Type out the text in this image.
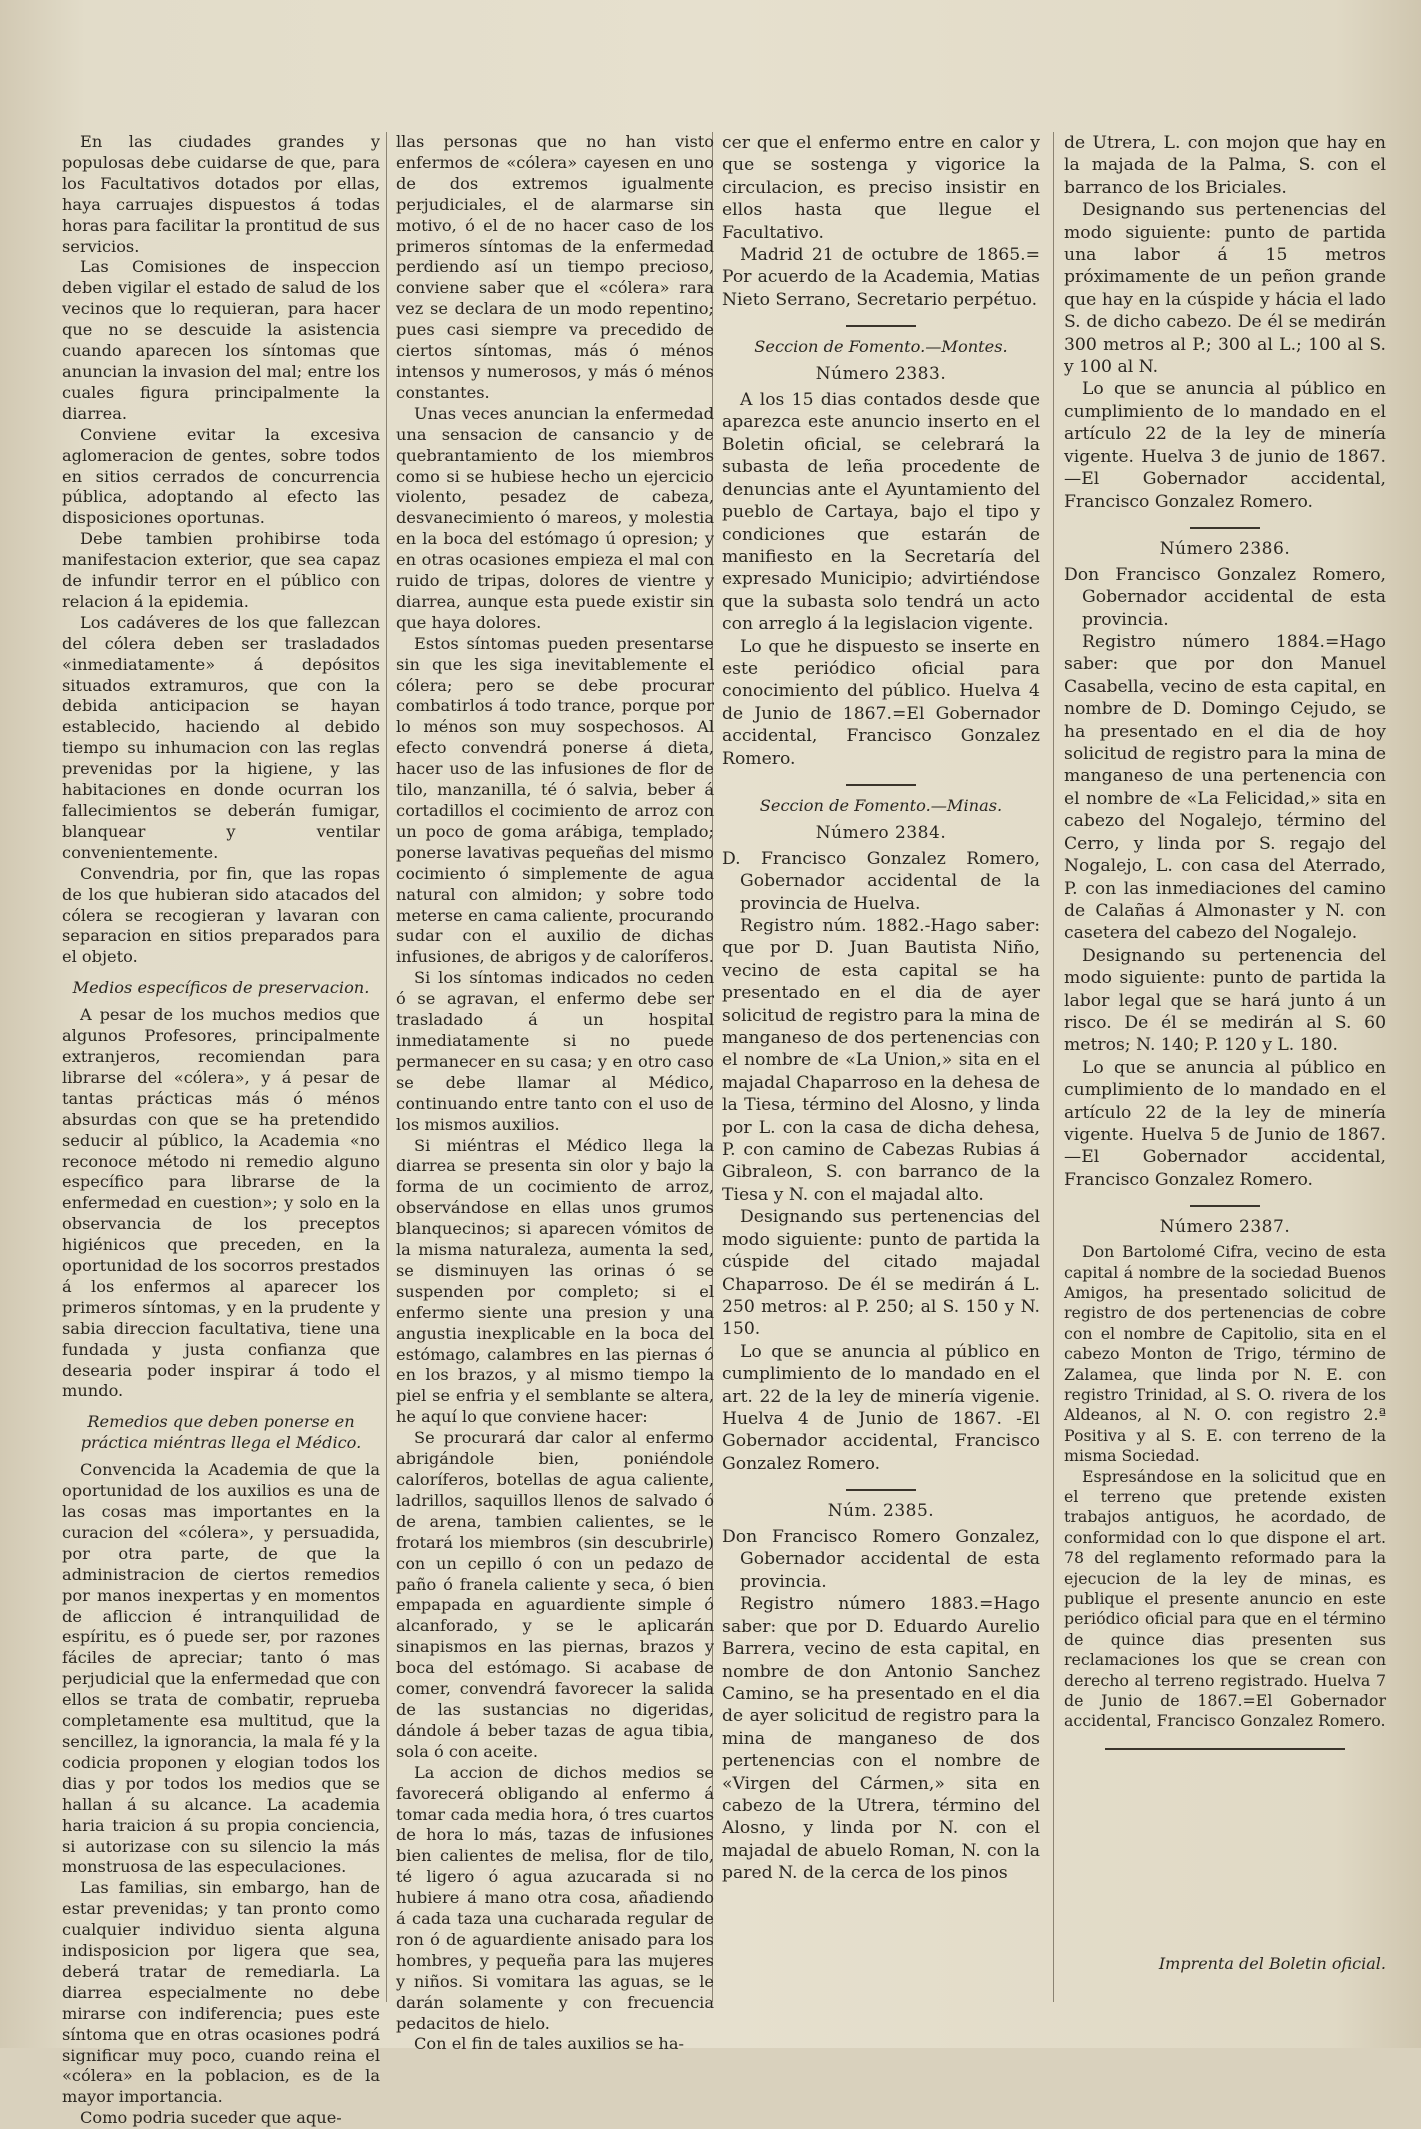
En las ciudades grandes y populosas debe cuidarse de que, para los Facultativos dotados por ellas, haya carruajes dispuestos á todas horas para facilitar la prontitud de sus servicios.

Las Comisiones de inspeccion deben vigilar el estado de salud de los vecinos que lo requieran, para hacer que no se descuide la asistencia cuando aparecen los síntomas que anuncian la invasion del mal; entre los cuales figura principalmente la diarrea.

Conviene evitar la excesiva aglomeracion de gentes, sobre todos en sitios cerrados de concurrencia pública, adoptando al efecto las disposiciones oportunas.

Debe tambien prohibirse toda manifestacion exterior, que sea capaz de infundir terror en el público con relacion á la epidemia.

Los cadáveres de los que fallezcan del cólera deben ser trasladados «inmediatamente» á depósitos situados extramuros, que con la debida anticipacion se hayan establecido, haciendo al debido tiempo su inhumacion con las reglas prevenidas por la higiene, y las habitaciones en donde ocurran los fallecimientos se deberán fumigar, blanquear y ventilar convenientemente.

Convendria, por fin, que las ropas de los que hubieran sido atacados del cólera se recogieran y lavaran con separacion en sitios preparados para el objeto.

Medios específicos de preservacion.

A pesar de los muchos medios que algunos Profesores, principalmente extranjeros, recomiendan para librarse del «cólera», y á pesar de tantas prácticas más ó ménos absurdas con que se ha pretendido seducir al público, la Academia «no reconoce método ni remedio alguno específico para librarse de la enfermedad en cuestion»; y solo en la observancia de los preceptos higiénicos que preceden, en la oportunidad de los socorros prestados á los enfermos al aparecer los primeros síntomas, y en la prudente y sabia direccion facultativa, tiene una fundada y justa confianza que desearia poder inspirar á todo el mundo.

Remedios que deben ponerse en práctica miéntras llega el Médico.

Convencida la Academia de que la oportunidad de los auxilios es una de las cosas mas importantes en la curacion del «cólera», y persuadida, por otra parte, de que la administracion de ciertos remedios por manos inexpertas y en momentos de afliccion é intranquilidad de espíritu, es ó puede ser, por razones fáciles de apreciar; tanto ó mas perjudicial que la enfermedad que con ellos se trata de combatir, reprueba completamente esa multitud, que la sencillez, la ignorancia, la mala fé y la codicia proponen y elogian todos los dias y por todos los medios que se hallan á su alcance. La academia haria traicion á su propia conciencia, si autorizase con su silencio la más monstruosa de las especulaciones.

Las familias, sin embargo, han de estar prevenidas; y tan pronto como cualquier individuo sienta alguna indisposicion por ligera que sea, deberá tratar de remediarla. La diarrea especialmente no debe mirarse con indiferencia; pues este síntoma que en otras ocasiones podrá significar muy poco, cuando reina el «cólera» en la poblacion, es de la mayor importancia.

Como podria suceder que aque-

llas personas que no han visto enfermos de «cólera» cayesen en uno de dos extremos igualmente perjudiciales, el de alarmarse sin motivo, ó el de no hacer caso de los primeros síntomas de la enfermedad perdiendo así un tiempo precioso, conviene saber que el «cólera» rara vez se declara de un modo repentino; pues casi siempre va precedido de ciertos síntomas, más ó ménos intensos y numerosos, y más ó ménos constantes.

Unas veces anuncian la enfermedad una sensacion de cansancio y de quebrantamiento de los miembros como si se hubiese hecho un ejercicio violento, pesadez de cabeza, desvanecimiento ó mareos, y molestia en la boca del estómago ú opresion; y en otras ocasiones empieza el mal con ruido de tripas, dolores de vientre y diarrea, aunque esta puede existir sin que haya dolores.

Estos síntomas pueden presentarse sin que les siga inevitablemente el cólera; pero se debe procurar combatirlos á todo trance, porque por lo ménos son muy sospechosos. Al efecto convendrá ponerse á dieta, hacer uso de las infusiones de flor de tilo, manzanilla, té ó salvia, beber á cortadillos el cocimiento de arroz con un poco de goma arábiga, templado; ponerse lavativas pequeñas del mismo cocimiento ó simplemente de agua natural con almidon; y sobre todo meterse en cama caliente, procurando sudar con el auxilio de dichas infusiones, de abrigos y de caloríferos.

Si los síntomas indicados no ceden ó se agravan, el enfermo debe ser trasladado á un hospital inmediatamente si no puede permanecer en su casa; y en otro caso se debe llamar al Médico, continuando entre tanto con el uso de los mismos auxilios.

Si miéntras el Médico llega la diarrea se presenta sin olor y bajo la forma de un cocimiento de arroz, observándose en ellas unos grumos blanquecinos; si aparecen vómitos de la misma naturaleza, aumenta la sed, se disminuyen las orinas ó se suspenden por completo; si el enfermo siente una presion y una angustia inexplicable en la boca del estómago, calambres en las piernas ó en los brazos, y al mismo tiempo la piel se enfria y el semblante se altera, he aquí lo que conviene hacer:

Se procurará dar calor al enfermo abrigándole bien, poniéndole caloríferos, botellas de agua caliente, ladrillos, saquillos llenos de salvado ó de arena, tambien calientes, se le frotará los miembros (sin descubrirle) con un cepillo ó con un pedazo de paño ó franela caliente y seca, ó bien empapada en aguardiente simple ó alcanforado, y se le aplicarán sinapismos en las piernas, brazos y boca del estómago. Si acabase de comer, convendrá favorecer la salida de las sustancias no digeridas, dándole á beber tazas de agua tibia, sola ó con aceite.

La accion de dichos medios se favorecerá obligando al enfermo á tomar cada media hora, ó tres cuartos de hora lo más, tazas de infusiones bien calientes de melisa, flor de tilo, té ligero ó agua azucarada si no hubiere á mano otra cosa, añadiendo á cada taza una cucharada regular de ron ó de aguardiente anisado para los hombres, y pequeña para las mujeres y niños. Si vomitara las aguas, se le darán solamente y con frecuencia pedacitos de hielo.

Con el fin de tales auxilios se ha-

cer que el enfermo entre en calor y que se sostenga y vigorice la circulacion, es preciso insistir en ellos hasta que llegue el Facultativo.

Madrid 21 de octubre de 1865.= Por acuerdo de la Academia, Matias Nieto Serrano, Secretario perpétuo.

Seccion de Fomento.—Montes.
Número 2383.

A los 15 dias contados desde que aparezca este anuncio inserto en el Boletin oficial, se celebrará la subasta de leña procedente de denuncias ante el Ayuntamiento del pueblo de Cartaya, bajo el tipo y condiciones que estarán de manifiesto en la Secretaría del expresado Municipio; advirtiéndose que la subasta solo tendrá un acto con arreglo á la legislacion vigente.

Lo que he dispuesto se inserte en este periódico oficial para conocimiento del público. Huelva 4 de Junio de 1867.=El Gobernador accidental, Francisco Gonzalez Romero.

Seccion de Fomento.—Minas.
Número 2384.

D. Francisco Gonzalez Romero, Gobernador accidental de la provincia de Huelva.

Registro núm. 1882.-Hago saber: que por D. Juan Bautista Niño, vecino de esta capital se ha presentado en el dia de ayer solicitud de registro para la mina de manganeso de dos pertenencias con el nombre de «La Union,» sita en el majadal Chaparroso en la dehesa de la Tiesa, término del Alosno, y linda por L. con la casa de dicha dehesa, P. con camino de Cabezas Rubias á Gibraleon, S. con barranco de la Tiesa y N. con el majadal alto.

Designando sus pertenencias del modo siguiente: punto de partida la cúspide del citado majadal Chaparroso. De él se medirán á L. 250 metros: al P. 250; al S. 150 y N. 150.

Lo que se anuncia al público en cumplimiento de lo mandado en el art. 22 de la ley de minería vigenie. Huelva 4 de Junio de 1867. -El Gobernador accidental, Francisco Gonzalez Romero.

Núm. 2385.

Don Francisco Romero Gonzalez, Gobernador accidental de esta provincia.

Registro número 1883.=Hago saber: que por D. Eduardo Aurelio Barrera, vecino de esta capital, en nombre de don Antonio Sanchez Camino, se ha presentado en el dia de ayer solicitud de registro para la mina de manganeso de dos pertenencias con el nombre de «Virgen del Cármen,» sita en cabezo de la Utrera, término del Alosno, y linda por N. con el majadal de abuelo Roman, N. con la pared N. de la cerca de los pinos

de Utrera, L. con mojon que hay en la majada de la Palma, S. con el barranco de los Briciales.

Designando sus pertenencias del modo siguiente: punto de partida una labor á 15 metros próximamente de un peñon grande que hay en la cúspide y hácia el lado S. de dicho cabezo. De él se medirán 300 metros al P.; 300 al L.; 100 al S. y 100 al N.

Lo que se anuncia al público en cumplimiento de lo mandado en el artículo 22 de la ley de minería vigente. Huelva 3 de junio de 1867.—El Gobernador accidental, Francisco Gonzalez Romero.

Número 2386.

Don Francisco Gonzalez Romero, Gobernador accidental de esta provincia.

Registro número 1884.=Hago saber: que por don Manuel Casabella, vecino de esta capital, en nombre de D. Domingo Cejudo, se ha presentado en el dia de hoy solicitud de registro para la mina de manganeso de una pertenencia con el nombre de «La Felicidad,» sita en cabezo del Nogalejo, término del Cerro, y linda por S. regajo del Nogalejo, L. con casa del Aterrado, P. con las inmediaciones del camino de Calañas á Almonaster y N. con casetera del cabezo del Nogalejo.

Designando su pertenencia del modo siguiente: punto de partida la labor legal que se hará junto á un risco. De él se medirán al S. 60 metros; N. 140; P. 120 y L. 180.

Lo que se anuncia al público en cumplimiento de lo mandado en el artículo 22 de la ley de minería vigente. Huelva 5 de Junio de 1867.—El Gobernador accidental, Francisco Gonzalez Romero.

Número 2387.

Don Bartolomé Cifra, vecino de esta capital á nombre de la sociedad Buenos Amigos, ha presentado solicitud de registro de dos pertenencias de cobre con el nombre de Capitolio, sita en el cabezo Monton de Trigo, término de Zalamea, que linda por N. E. con registro Trinidad, al S. O. rivera de los Aldeanos, al N. O. con registro 2.ª Positiva y al S. E. con terreno de la misma Sociedad.

Espresándose en la solicitud que en el terreno que pretende existen trabajos antiguos, he acordado, de conformidad con lo que dispone el art. 78 del reglamento reformado para la ejecucion de la ley de minas, es publique el presente anuncio en este periódico oficial para que en el término de quince dias presenten sus reclamaciones los que se crean con derecho al terreno registrado. Huelva 7 de Junio de 1867.=El Gobernador accidental, Francisco Gonzalez Romero.

Imprenta del Boletin oficial.
